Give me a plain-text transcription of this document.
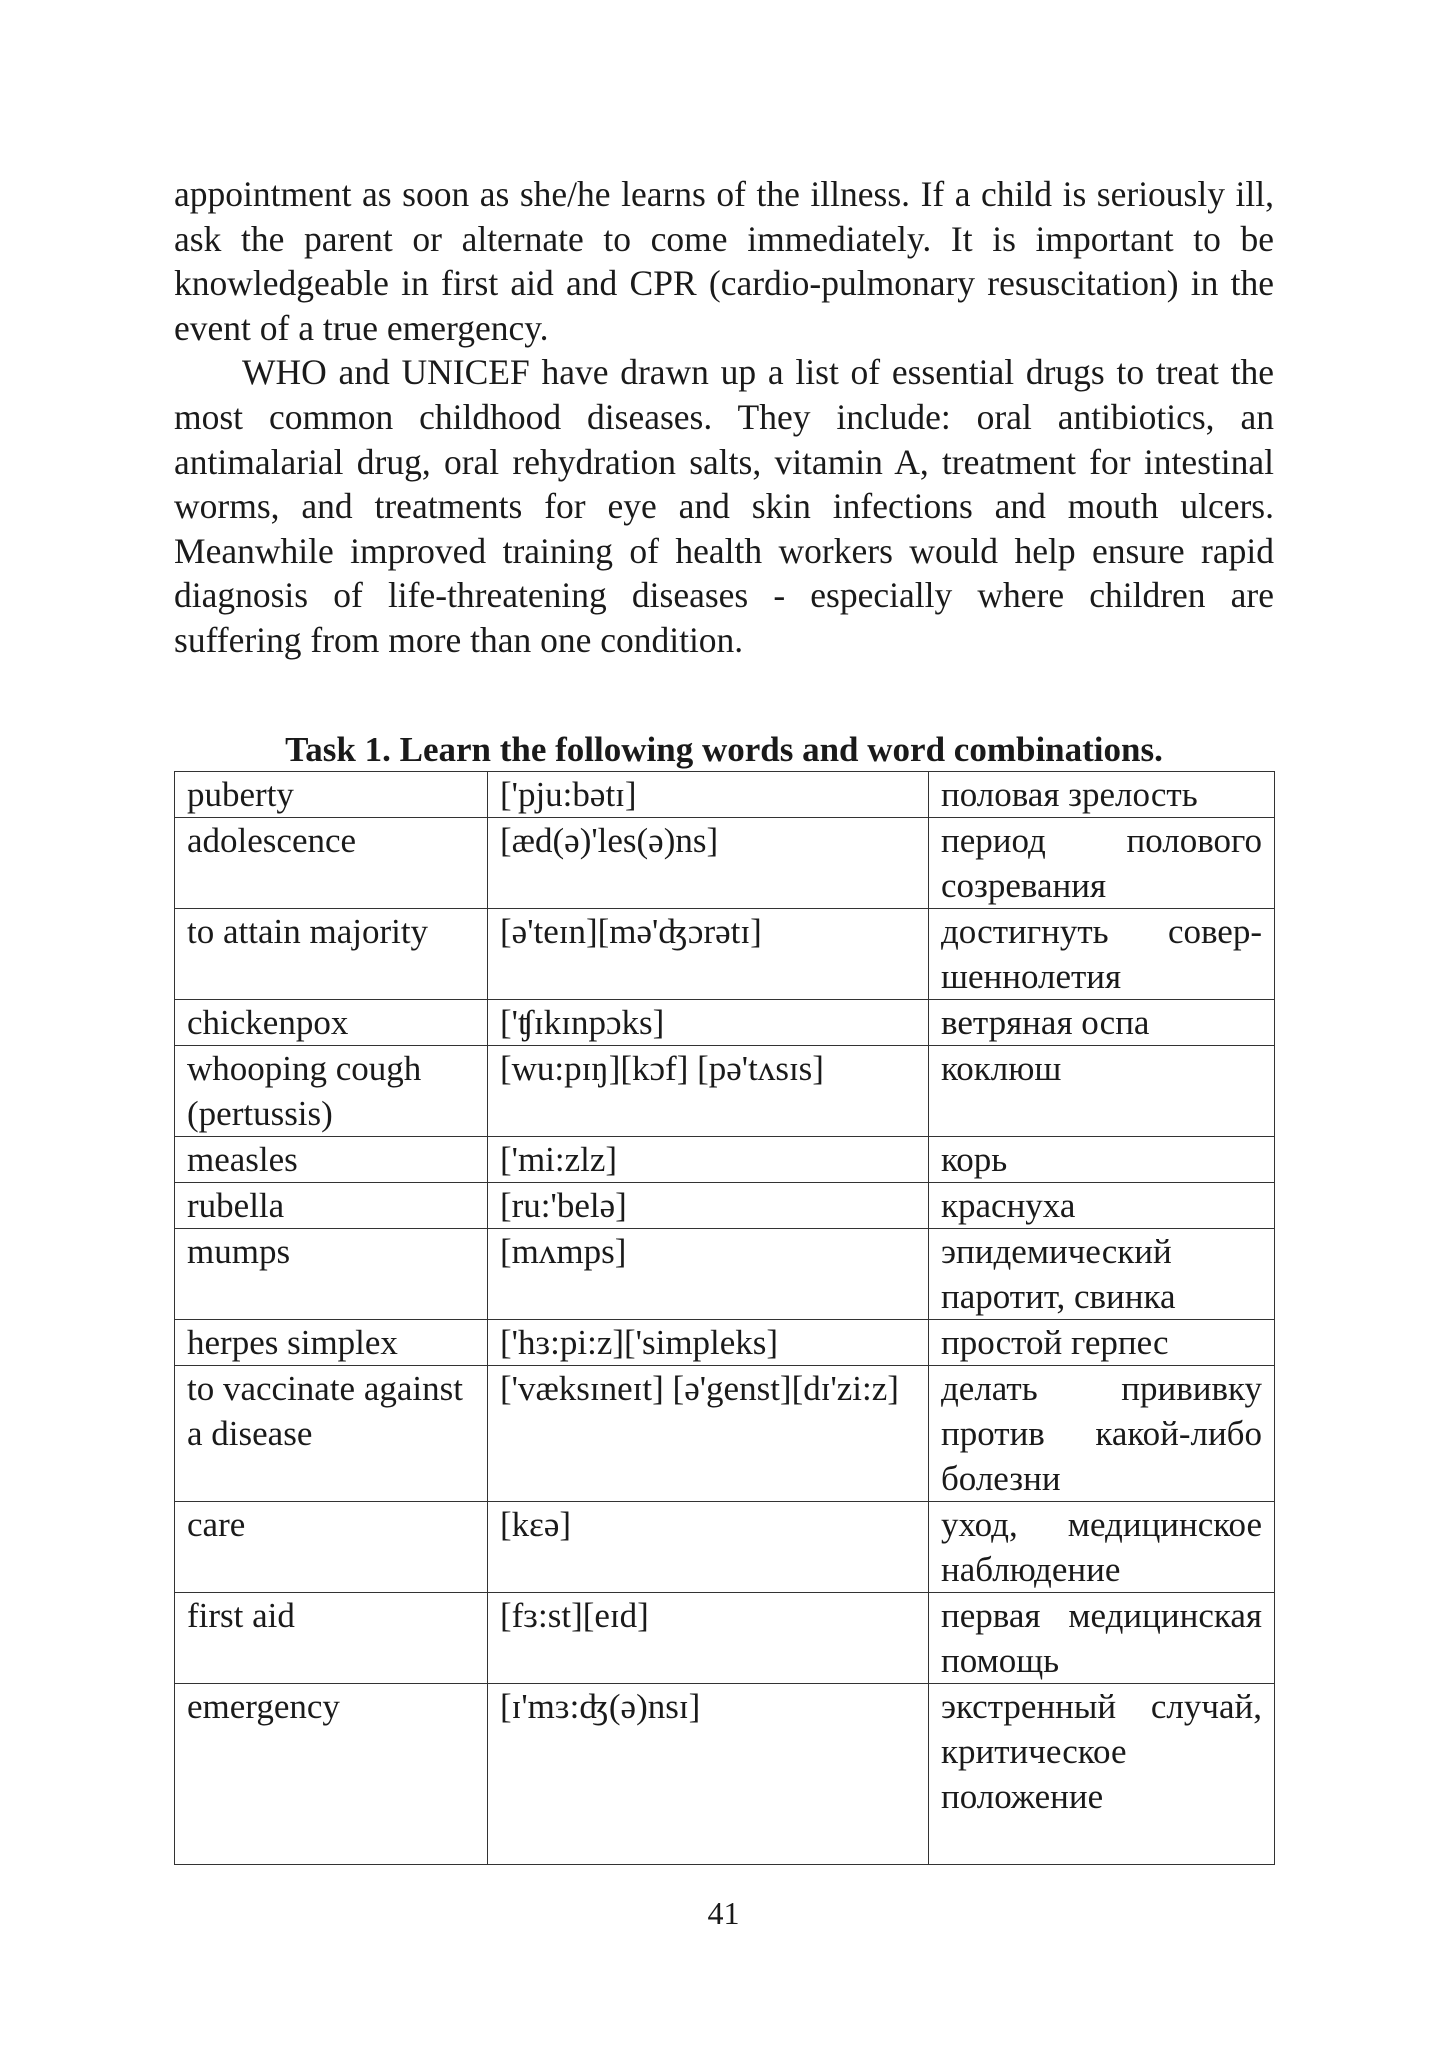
appointment as soon as she/he learns of the illness. If a child is seriously ill, ask the parent or alternate to come immediately. It is important to be knowledgeable in first aid and CPR (cardio-pulmonary resuscitation) in the event of a true emergency.

WHO and UNICEF have drawn up a list of essential drugs to treat the most common childhood diseases. They include: oral antibiotics, an antimalarial drug, oral rehydration salts, vitamin A, treatment for intestinal worms, and treatments for eye and skin infections and mouth ulcers. Meanwhile improved training of health workers would help ensure rapid diagnosis of life-threatening diseases - especially where children are suffering from more than one condition.

Task 1. Learn the following words and word combinations.
puberty	['pju:bətɪ]	половая зрелость
adolescence	[æd(ə)'les(ə)ns]	период полового созревания
to attain majority	[ə'teɪn][mə'ʤɔrətɪ]	достигнуть совершеннолетия
chickenpox	['ʧɪkɪnpɔks]	ветряная оспа
whooping cough (pertussis)	[wu:pɪŋ][kɔf] [pə'tʌsɪs]	коклюш
measles	['mi:zlz]	корь
rubella	[ru:'belə]	краснуха
mumps	[mʌmps]	эпидемический паротит, свинка
herpes simplex	['hɜ:pi:z]['simpleks]	простой герпес
to vaccinate against a disease	['væksɪneɪt] [ə'genst][dɪ'zi:z]	делать прививку против какой-либо болезни
care	[kɛə]	уход, медицинское наблюдение
first aid	[fɜ:st][eɪd]	первая медицинская помощь
emergency	[ɪ'mɜ:ʤ(ə)nsɪ]	экстренный случай, критическое положение
41
